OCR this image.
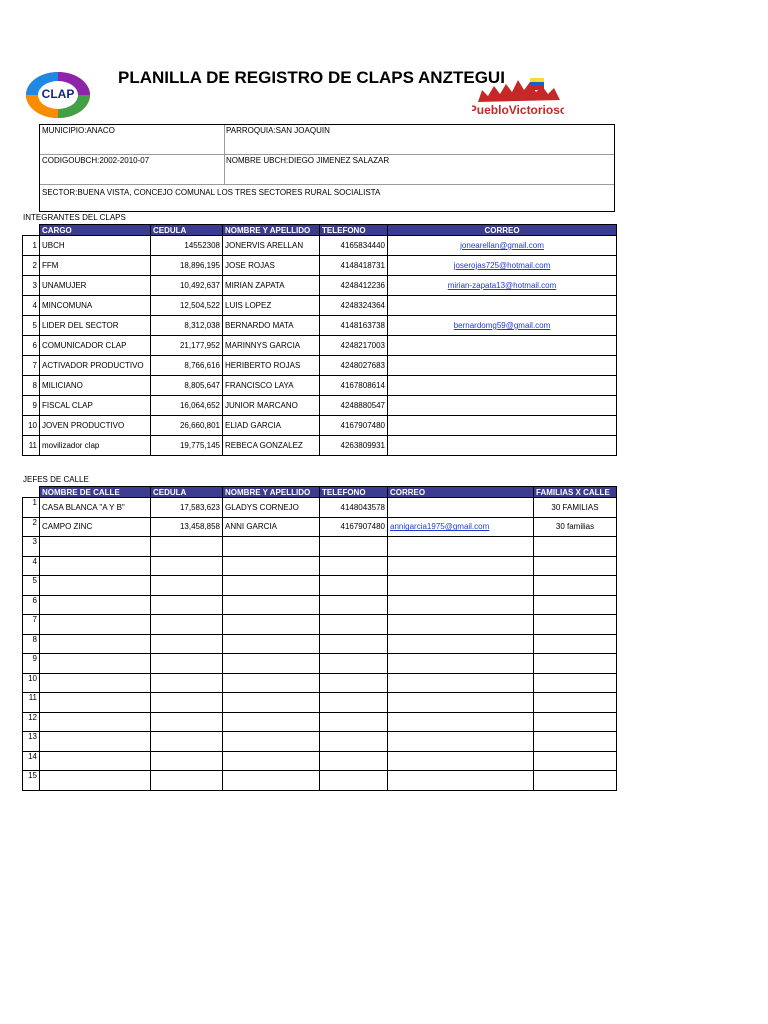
CLAP
PLANILLA DE REGISTRO DE CLAPS ANZTEGUI
PuebloVictorioso
MUNICIPIO:ANACO	PARROQUIA:SAN JOAQUIN
CODIGOUBCH:2002-2010-07	NOMBRE UBCH:DIEGO JIMENEZ SALAZAR
SECTOR:BUENA VISTA, CONCEJO COMUNAL LOS TRES SECTORES RURAL SOCIALISTA
INTEGRANTES DEL CLAPS
	CARGO	CEDULA	NOMBRE Y APELLIDO	TELEFONO	CORREO
1	UBCH	14552308	JONERVIS ARELLAN	4165834440	jonearellan@gmail.com
2	FFM	18,896,195	JOSE ROJAS	4148418731	joserojas725@hotmail.com
3	UNAMUJER	10,492,637	MIRIAN ZAPATA	4248412236	mirian-zapata13@hotmail.com
4	MINCOMUNA	12,504,522	LUIS LOPEZ	4248324364	
5	LIDER DEL SECTOR	8,312,038	BERNARDO MATA	4148163738	bernardomg59@gmail.com
6	COMUNICADOR CLAP	21,177,952	MARINNYS GARCIA	4248217003	
7	ACTIVADOR PRODUCTIVO	8,766,616	HERIBERTO ROJAS	4248027683	
8	MILICIANO	8,805,647	FRANCISCO LAYA	4167808614	
9	FISCAL CLAP	16,064,652	JUNIOR MARCANO	4248880547	
10	JOVEN PRODUCTIVO	26,660,801	ELIAD GARCIA	4167907480	
11	movilizador clap	19,775,145	REBECA GONZALEZ	4263809931	
JEFES DE CALLE
	NOMBRE DE CALLE	CEDULA	NOMBRE Y APELLIDO	TELEFONO	CORREO	FAMILIAS X CALLE
1	CASA BLANCA "A Y B"	17,583,623	GLADYS CORNEJO	4148043578		30 FAMILIAS
2	CAMPO ZINC	13,458,858	ANNI GARCIA	4167907480	annigarcia1975@gmail.com	30 familias
3						
4						
5						
6						
7						
8						
9						
10						
11						
12						
13						
14						
15						
